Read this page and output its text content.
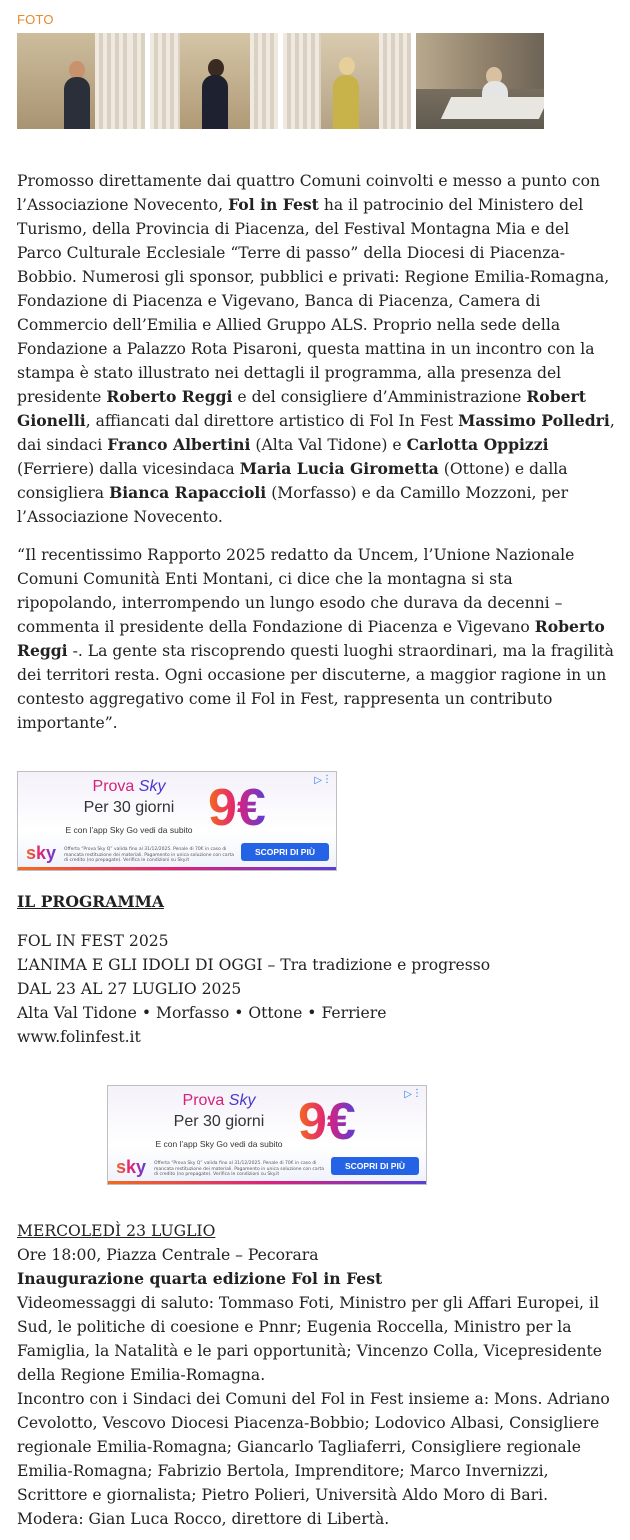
FOTO

Promosso direttamente dai quattro Comuni coinvolti e messo a punto con l’Associazione Novecento, Fol in Fest ha il patrocinio del Ministero del Turismo, della Provincia di Piacenza, del Festival Montagna Mia e del Parco Culturale Ecclesiale “Terre di passo” della Diocesi di Piacenza-Bobbio. Numerosi gli sponsor, pubblici e privati: Regione Emilia-Romagna, Fondazione di Piacenza e Vigevano, Banca di Piacenza, Camera di Commercio dell’Emilia e Allied Gruppo ALS. Proprio nella sede della Fondazione a Palazzo Rota Pisaroni, questa mattina in un incontro con la stampa è stato illustrato nei dettagli il programma, alla presenza del presidente Roberto Reggi e del consigliere d’Amministrazione Robert Gionelli, affiancati dal direttore artistico di Fol In Fest Massimo Polledri, dai sindaci Franco Albertini (Alta Val Tidone) e Carlotta Oppizzi (Ferriere) dalla vicesindaca Maria Lucia Girometta (Ottone) e dalla consigliera Bianca Rapaccioli (Morfasso) e da Camillo Mozzoni, per l’Associazione Novecento.

“Il recentissimo Rapporto 2025 redatto da Uncem, l’Unione Nazionale Comuni Comunità Enti Montani, ci dice che la montagna si sta ripopolando, interrompendo un lungo esodo che durava da decenni – commenta il presidente della Fondazione di Piacenza e Vigevano Roberto Reggi -. La gente sta riscoprendo questi luoghi straordinari, ma la fragilità dei territori resta. Ogni occasione per discuterne, a maggior ragione in un contesto aggregativo come il Fol in Fest, rappresenta un contributo importante”.

▷ ⋮
Prova Sky
Per 30 giorni
E con l’app Sky Go vedi da subito 9€
sky Offerta “Prova Sky Q” valida fino al 31/12/2025. Penale di 70€ in caso di mancata restituzione dei materiali. Pagamento in unica soluzione con carta di credito (no prepagate). Verifica le condizioni su Sky.it
SCOPRI DI PIÙ

IL PROGRAMMA

FOL IN FEST 2025

L’ANIMA E GLI IDOLI DI OGGI – Tra tradizione e progresso

DAL 23 AL 27 LUGLIO 2025

Alta Val Tidone • Morfasso • Ottone • Ferriere

www.folinfest.it

▷ ⋮
Prova Sky
Per 30 giorni
E con l’app Sky Go vedi da subito 9€
sky Offerta “Prova Sky Q” valida fino al 31/12/2025. Penale di 70€ in caso di mancata restituzione dei materiali. Pagamento in unica soluzione con carta di credito (no prepagate). Verifica le condizioni su Sky.it
SCOPRI DI PIÙ

MERCOLEDÌ 23 LUGLIO

Ore 18:00, Piazza Centrale – Pecorara

Inaugurazione quarta edizione Fol in Fest

Videomessaggi di saluto: Tommaso Foti, Ministro per gli Affari Europei, il Sud, le politiche di coesione e Pnnr; Eugenia Roccella, Ministro per la Famiglia, la Natalità e le pari opportunità; Vincenzo Colla, Vicepresidente della Regione Emilia-Romagna.

Incontro con i Sindaci dei Comuni del Fol in Fest insieme a: Mons. Adriano Cevolotto, Vescovo Diocesi Piacenza-Bobbio; Lodovico Albasi, Consigliere regionale Emilia-Romagna; Giancarlo Tagliaferri, Consigliere regionale Emilia-Romagna; Fabrizio Bertola, Imprenditore; Marco Invernizzi, Scrittore e giornalista; Pietro Polieri, Università Aldo Moro di Bari. Modera: Gian Luca Rocco, direttore di Libertà.
